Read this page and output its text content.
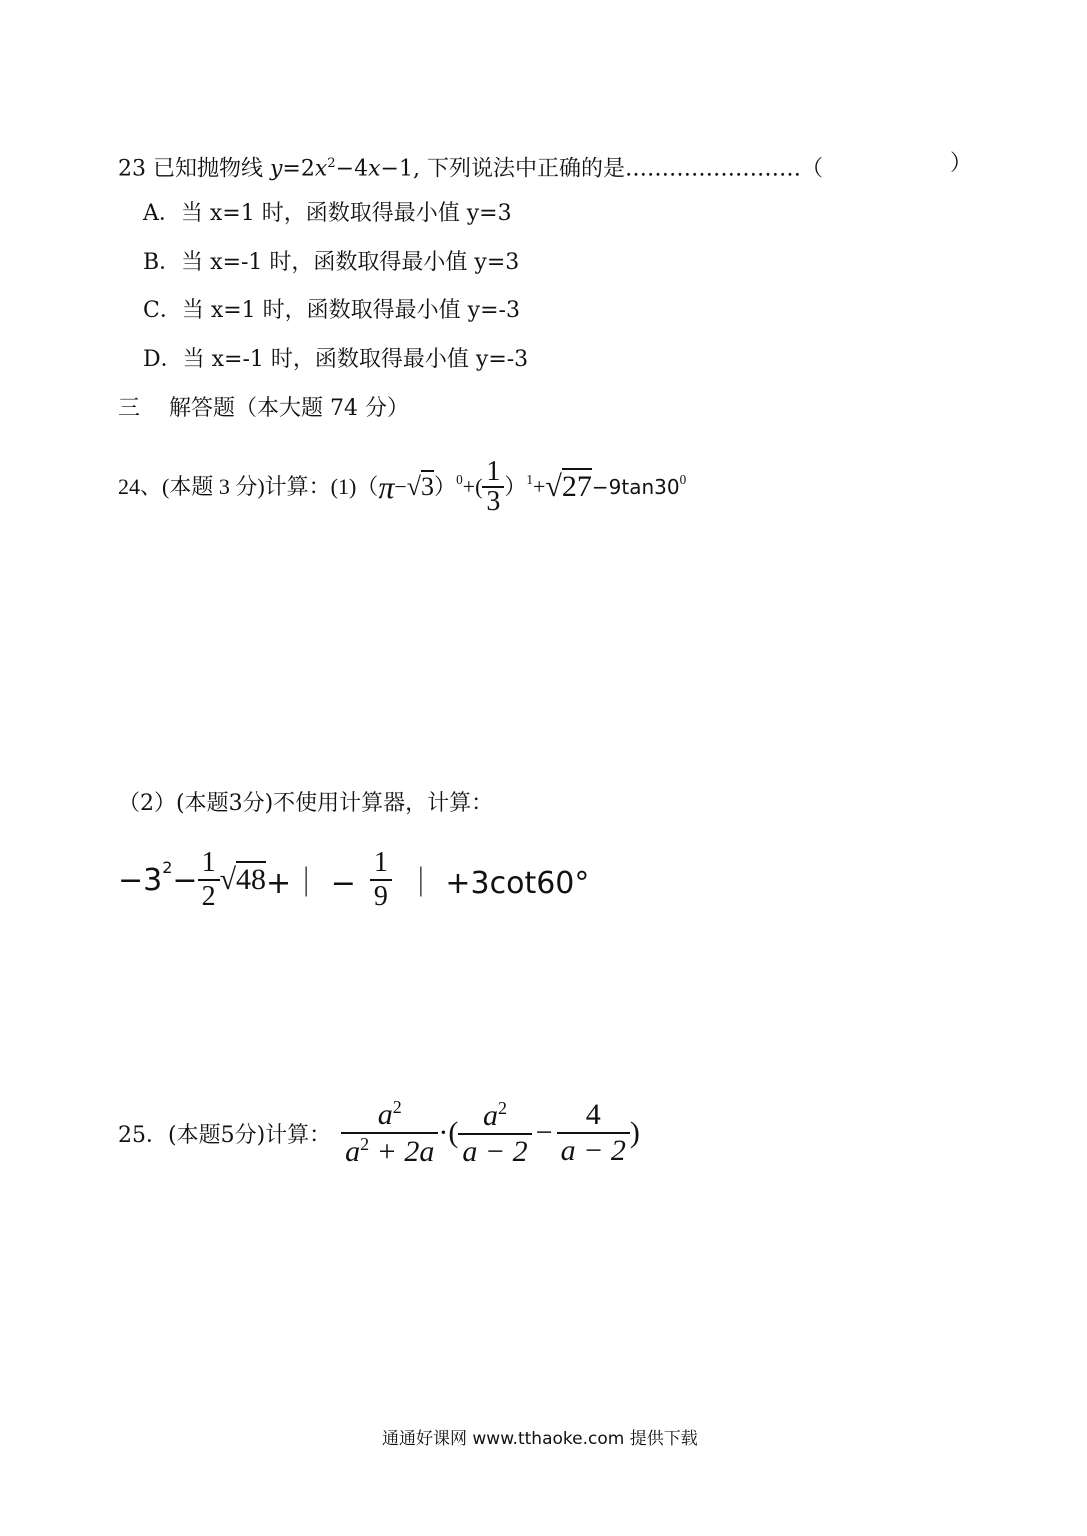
23 已知抛物线 $y=2x^2-4x-1$, 下列说法中正确的是……………………（	）
A．当 x=1 时，函数取得最小值 y=3
B．当 x=-1 时，函数取得最小值 y=3
C．当 x=1 时，函数取得最小值 y=-3
D．当 x=-1 时，函数取得最小值 y=-3
三 解答题（本大题 74 分）
24、(本题 3 分)计算：(1)（ π − √3 ）$^0$ +( $\frac{1}{3} )^1 + √27 -9\tan 30^0$
（2）(本题3分)不使用计算器，计算：
$-3^2 - \frac{1}{2} √48$ +｜ − $\frac{1}{9}$ ｜ +3cot60°
25．(本题5分)计算： $\frac{a^2}{a^2 + 2a}$ ·( $\frac{a^2}{a - 2} - \frac{4}{a - 2}$ )
通通好课网 www.tthaoke.com 提供下载
